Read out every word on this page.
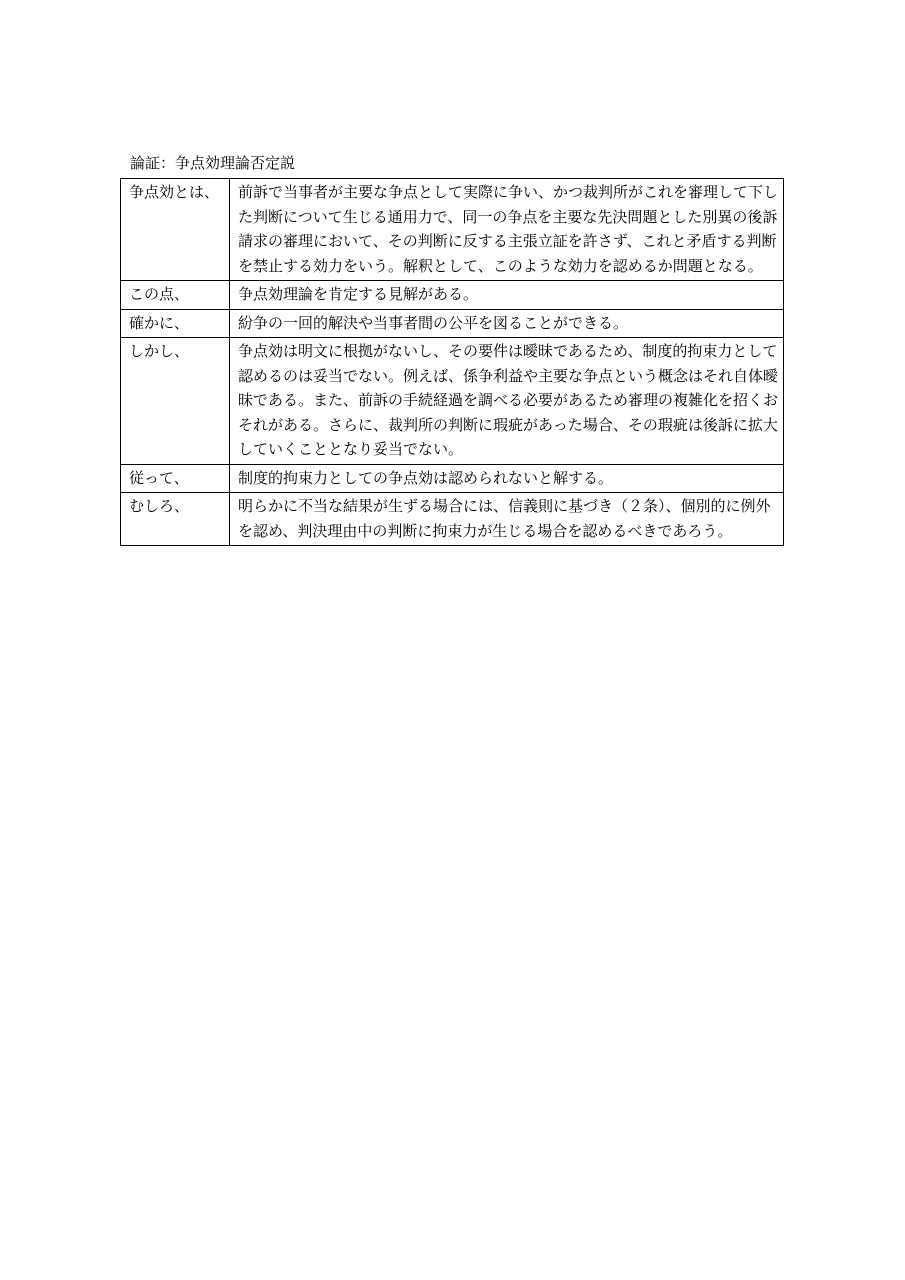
論証：争点効理論否定説
争点効とは、	前訴で当事者が主要な争点として実際に争い、かつ裁判所がこれを審理して下した判断について生じる通用力で、同一の争点を主要な先決問題とした別異の後訴請求の審理において、その判断に反する主張立証を許さず、これと矛盾する判断を禁止する効力をいう。解釈として、このような効力を認めるか問題となる。
この点、	争点効理論を肯定する見解がある。
確かに、	紛争の一回的解決や当事者間の公平を図ることができる。
しかし、	争点効は明文に根拠がないし、その要件は曖昧であるため、制度的拘束力として認めるのは妥当でない。例えば、係争利益や主要な争点という概念はそれ自体曖昧である。また、前訴の手続経過を調べる必要があるため審理の複雑化を招くおそれがある。さらに、裁判所の判断に瑕疵があった場合、その瑕疵は後訴に拡大していくこととなり妥当でない。
従って、	制度的拘束力としての争点効は認められないと解する。
むしろ、	明らかに不当な結果が生ずる場合には、信義則に基づき（２条）、個別的に例外を認め、判決理由中の判断に拘束力が生じる場合を認めるべきであろう。
